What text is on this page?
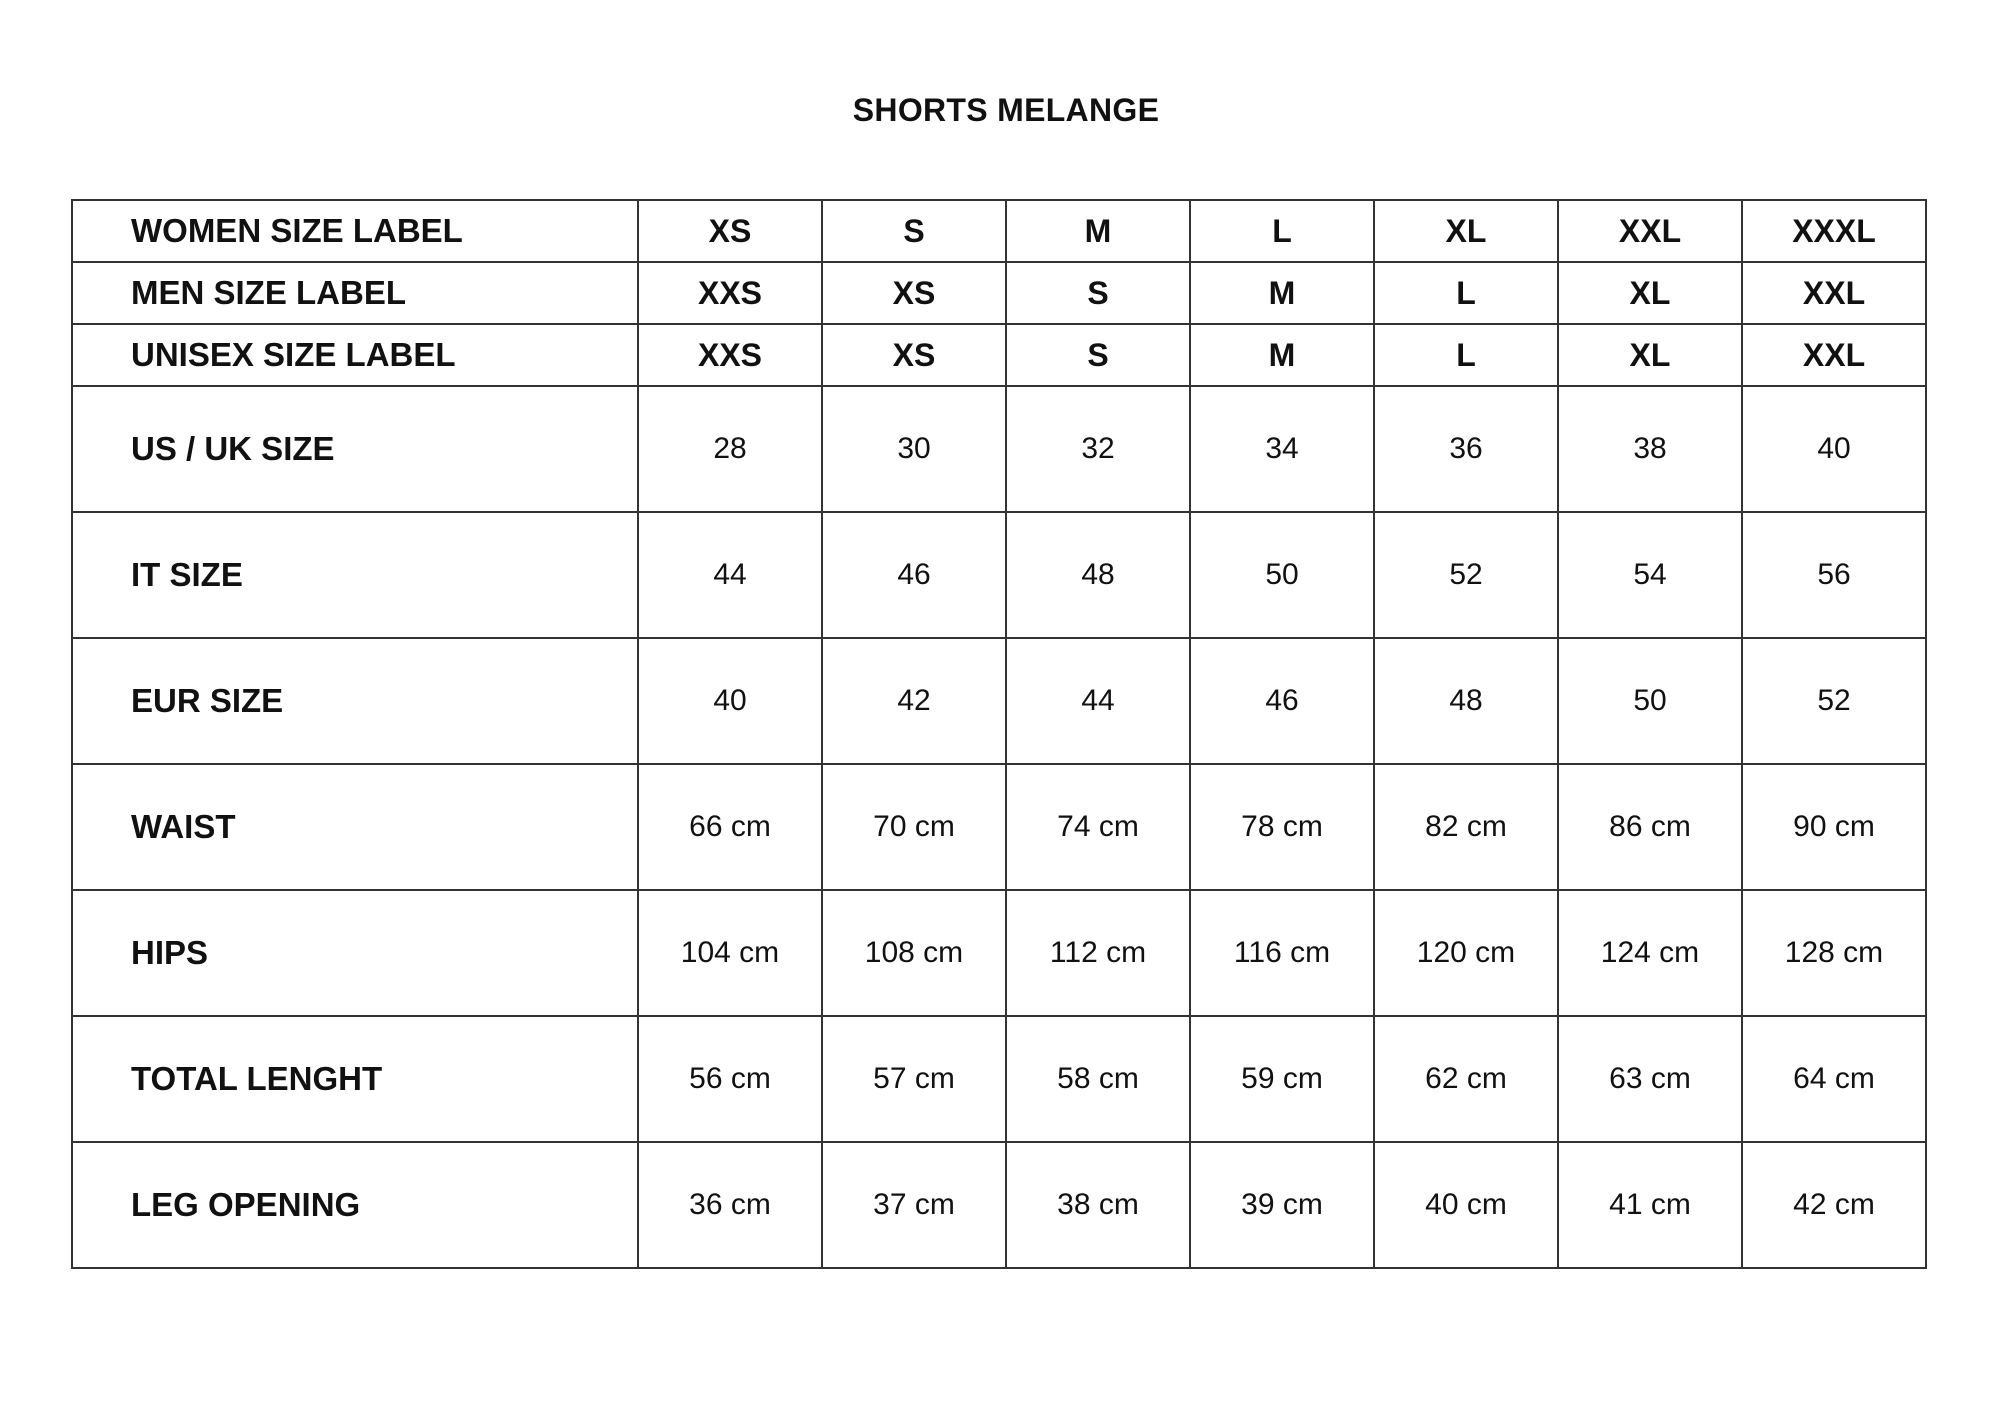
SHORTS MELANGE
WOMEN SIZE LABEL	XS	S	M	L	XL	XXL	XXXL
MEN SIZE LABEL	XXS	XS	S	M	L	XL	XXL
UNISEX SIZE LABEL	XXS	XS	S	M	L	XL	XXL
US / UK SIZE	28	30	32	34	36	38	40
IT SIZE	44	46	48	50	52	54	56
EUR SIZE	40	42	44	46	48	50	52
WAIST	66 cm	70 cm	74 cm	78 cm	82 cm	86 cm	90 cm
HIPS	104 cm	108 cm	112 cm	116 cm	120 cm	124 cm	128 cm
TOTAL LENGHT	56 cm	57 cm	58 cm	59 cm	62 cm	63 cm	64 cm
LEG OPENING	36 cm	37 cm	38 cm	39 cm	40 cm	41 cm	42 cm
